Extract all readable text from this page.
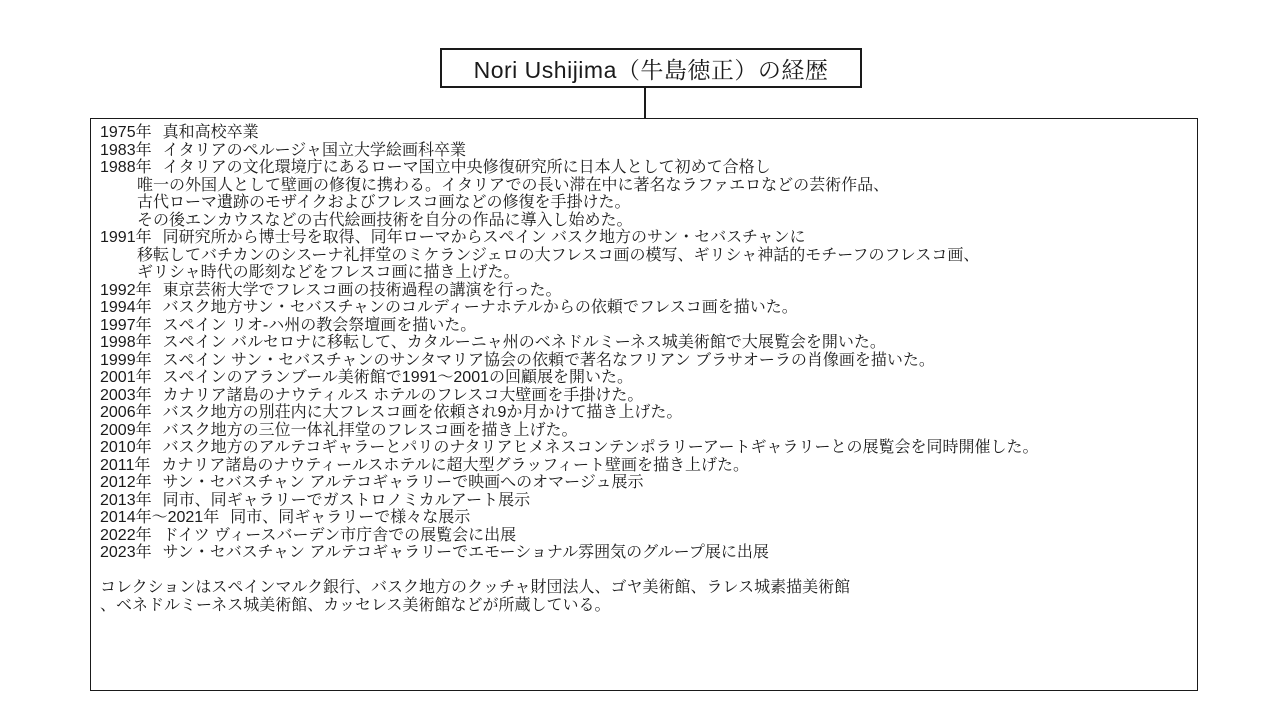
Nori Ushijima（牛島徳正）の経歴
1975年 真和高校卒業
1983年 イタリアのペルージャ国立大学絵画科卒業
1988年 イタリアの文化環境庁にあるローマ国立中央修復研究所に日本人として初めて合格し
唯一の外国人として壁画の修復に携わる。イタリアでの長い滞在中に著名なラファエロなどの芸術作品、
古代ローマ遺跡のモザイクおよびフレスコ画などの修復を手掛けた。
その後エンカウスなどの古代絵画技術を自分の作品に導入し始めた。
1991年 同研究所から博士号を取得、同年ローマからスペイン バスク地方のサン・セバスチャンに
移転してバチカンのシスーナ礼拝堂のミケランジェロの大フレスコ画の模写、ギリシャ神話的モチーフのフレスコ画、
ギリシャ時代の彫刻などをフレスコ画に描き上げた。
1992年 東京芸術大学でフレスコ画の技術過程の講演を行った。
1994年 バスク地方サン・セバスチャンのコルディーナホテルからの依頼でフレスコ画を描いた。
1997年 スペイン リオ-ハ州の教会祭壇画を描いた。
1998年 スペイン バルセロナに移転して、カタルーニャ州のベネドルミーネス城美術館で大展覧会を開いた。
1999年 スペイン サン・セバスチャンのサンタマリア協会の依頼で著名なフリアン ブラサオーラの肖像画を描いた。
2001年 スペインのアランブール美術館で1991～2001の回顧展を開いた。
2003年 カナリア諸島のナウティルス ホテルのフレスコ大壁画を手掛けた。
2006年 バスク地方の別荘内に大フレスコ画を依頼され9か月かけて描き上げた。
2009年 バスク地方の三位一体礼拝堂のフレスコ画を描き上げた。
2010年 バスク地方のアルテコギャラーとパリのナタリアヒメネスコンテンポラリーアートギャラリーとの展覧会を同時開催した。
2011年 カナリア諸島のナウティールスホテルに超大型グラッフィート壁画を描き上げた。
2012年 サン・セバスチャン アルテコギャラリーで映画へのオマージュ展示
2013年 同市、同ギャラリーでガストロノミカルアート展示
2014年～2021年 同市、同ギャラリーで様々な展示
2022年 ドイツ ヴィースバーデン市庁舎での展覧会に出展
2023年 サン・セバスチャン アルテコギャラリーでエモーショナル雰囲気のグループ展に出展
コレクションはスペインマルク銀行、バスク地方のクッチャ財団法人、ゴヤ美術館、ラレス城素描美術館
、ベネドルミーネス城美術館、カッセレス美術館などが所蔵している。
